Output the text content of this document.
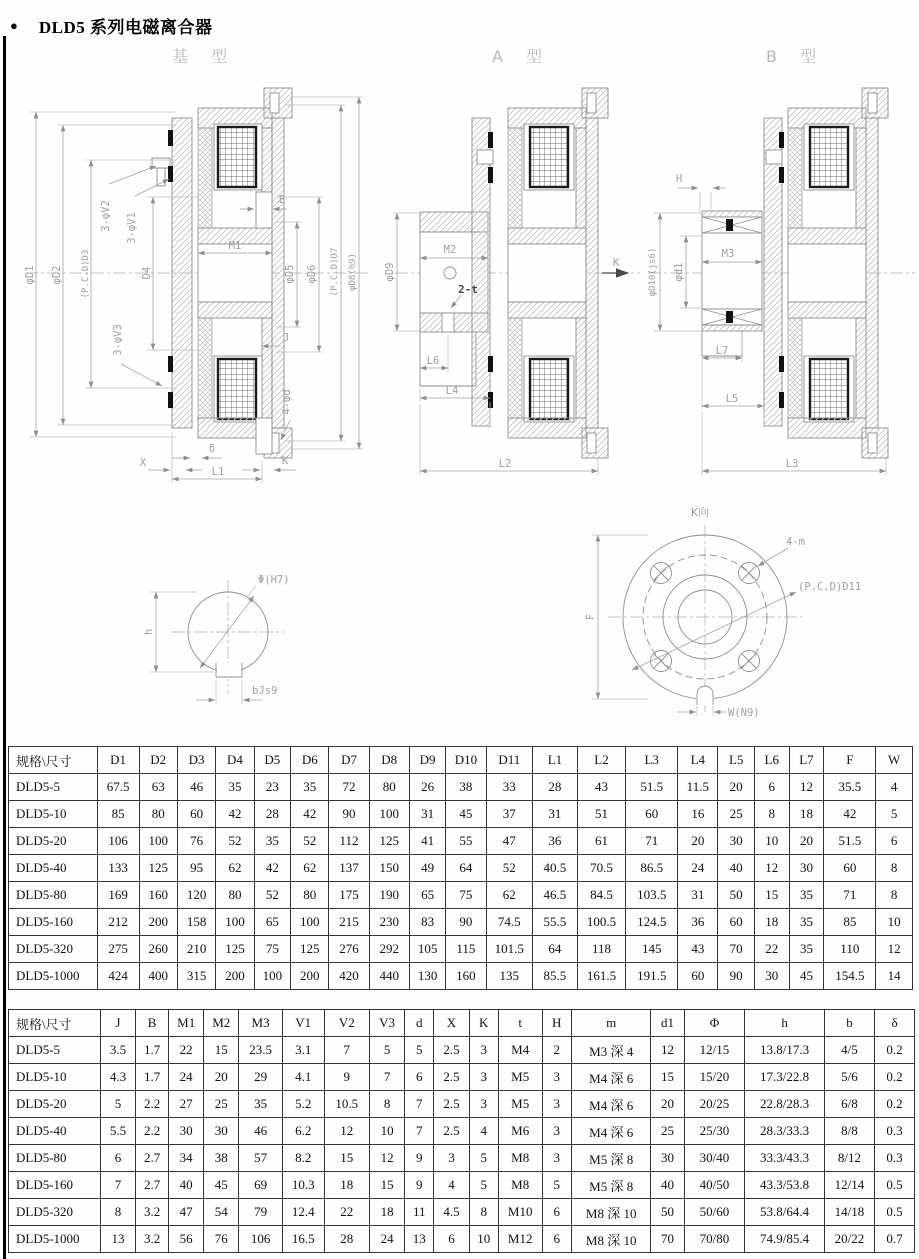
● DLD5 系列电磁离合器
基 型	A 型	B 型
φD1 φD2 (P.C.D)D3	D4
3-φV2 3-φV1
3-φV3
M1
B
φD5 φD6 (P.C.D)D7 φD8(h9)
J
4-φd
X
δ
L1
K
M2
φD9
2-t
L6
L4
L2
K
H
φD10(js6) φd1
M3
L7
L5
L3
Φ(H7)
h
bJs9
K向
4-m
(P.C.D)D11
F
W(N9)
规格\尺寸	D1	D2	D3	D4	D5	D6	D7	D8	D9	D10	D11	L1	L2	L3	L4	L5	L6	L7	F	W
DLD5-5	67.5	63	46	35	23	35	72	80	26	38	33	28	43	51.5	11.5	20	6	12	35.5	4
DLD5-10	85	80	60	42	28	42	90	100	31	45	37	31	51	60	16	25	8	18	42	5
DLD5-20	106	100	76	52	35	52	112	125	41	55	47	36	61	71	20	30	10	20	51.5	6
DLD5-40	133	125	95	62	42	62	137	150	49	64	52	40.5	70.5	86.5	24	40	12	30	60	8
DLD5-80	169	160	120	80	52	80	175	190	65	75	62	46.5	84.5	103.5	31	50	15	35	71	8
DLD5-160	212	200	158	100	65	100	215	230	83	90	74.5	55.5	100.5	124.5	36	60	18	35	85	10
DLD5-320	275	260	210	125	75	125	276	292	105	115	101.5	64	118	145	43	70	22	35	110	12
DLD5-1000	424	400	315	200	100	200	420	440	130	160	135	85.5	161.5	191.5	60	90	30	45	154.5	14
规格\尺寸	J	B	M1	M2	M3	V1	V2	V3	d	X	K	t	H	m	d1	Φ	h	b	δ
DLD5-5	3.5	1.7	22	15	23.5	3.1	7	5	5	2.5	3	M4	2	M3 深 4	12	12/15	13.8/17.3	4/5	0.2
DLD5-10	4.3	1.7	24	20	29	4.1	9	7	6	2.5	3	M5	3	M4 深 6	15	15/20	17.3/22.8	5/6	0.2
DLD5-20	5	2.2	27	25	35	5.2	10.5	8	7	2.5	3	M5	3	M4 深 6	20	20/25	22.8/28.3	6/8	0.2
DLD5-40	5.5	2.2	30	30	46	6.2	12	10	7	2.5	4	M6	3	M4 深 6	25	25/30	28.3/33.3	8/8	0.3
DLD5-80	6	2.7	34	38	57	8.2	15	12	9	3	5	M8	3	M5 深 8	30	30/40	33.3/43.3	8/12	0.3
DLD5-160	7	2.7	40	45	69	10.3	18	15	9	4	5	M8	5	M5 深 8	40	40/50	43.3/53.8	12/14	0.5
DLD5-320	8	3.2	47	54	79	12.4	22	18	11	4.5	8	M10	6	M8 深 10	50	50/60	53.8/64.4	14/18	0.5
DLD5-1000	13	3.2	56	76	106	16.5	28	24	13	6	10	M12	6	M8 深 10	70	70/80	74.9/85.4	20/22	0.7
